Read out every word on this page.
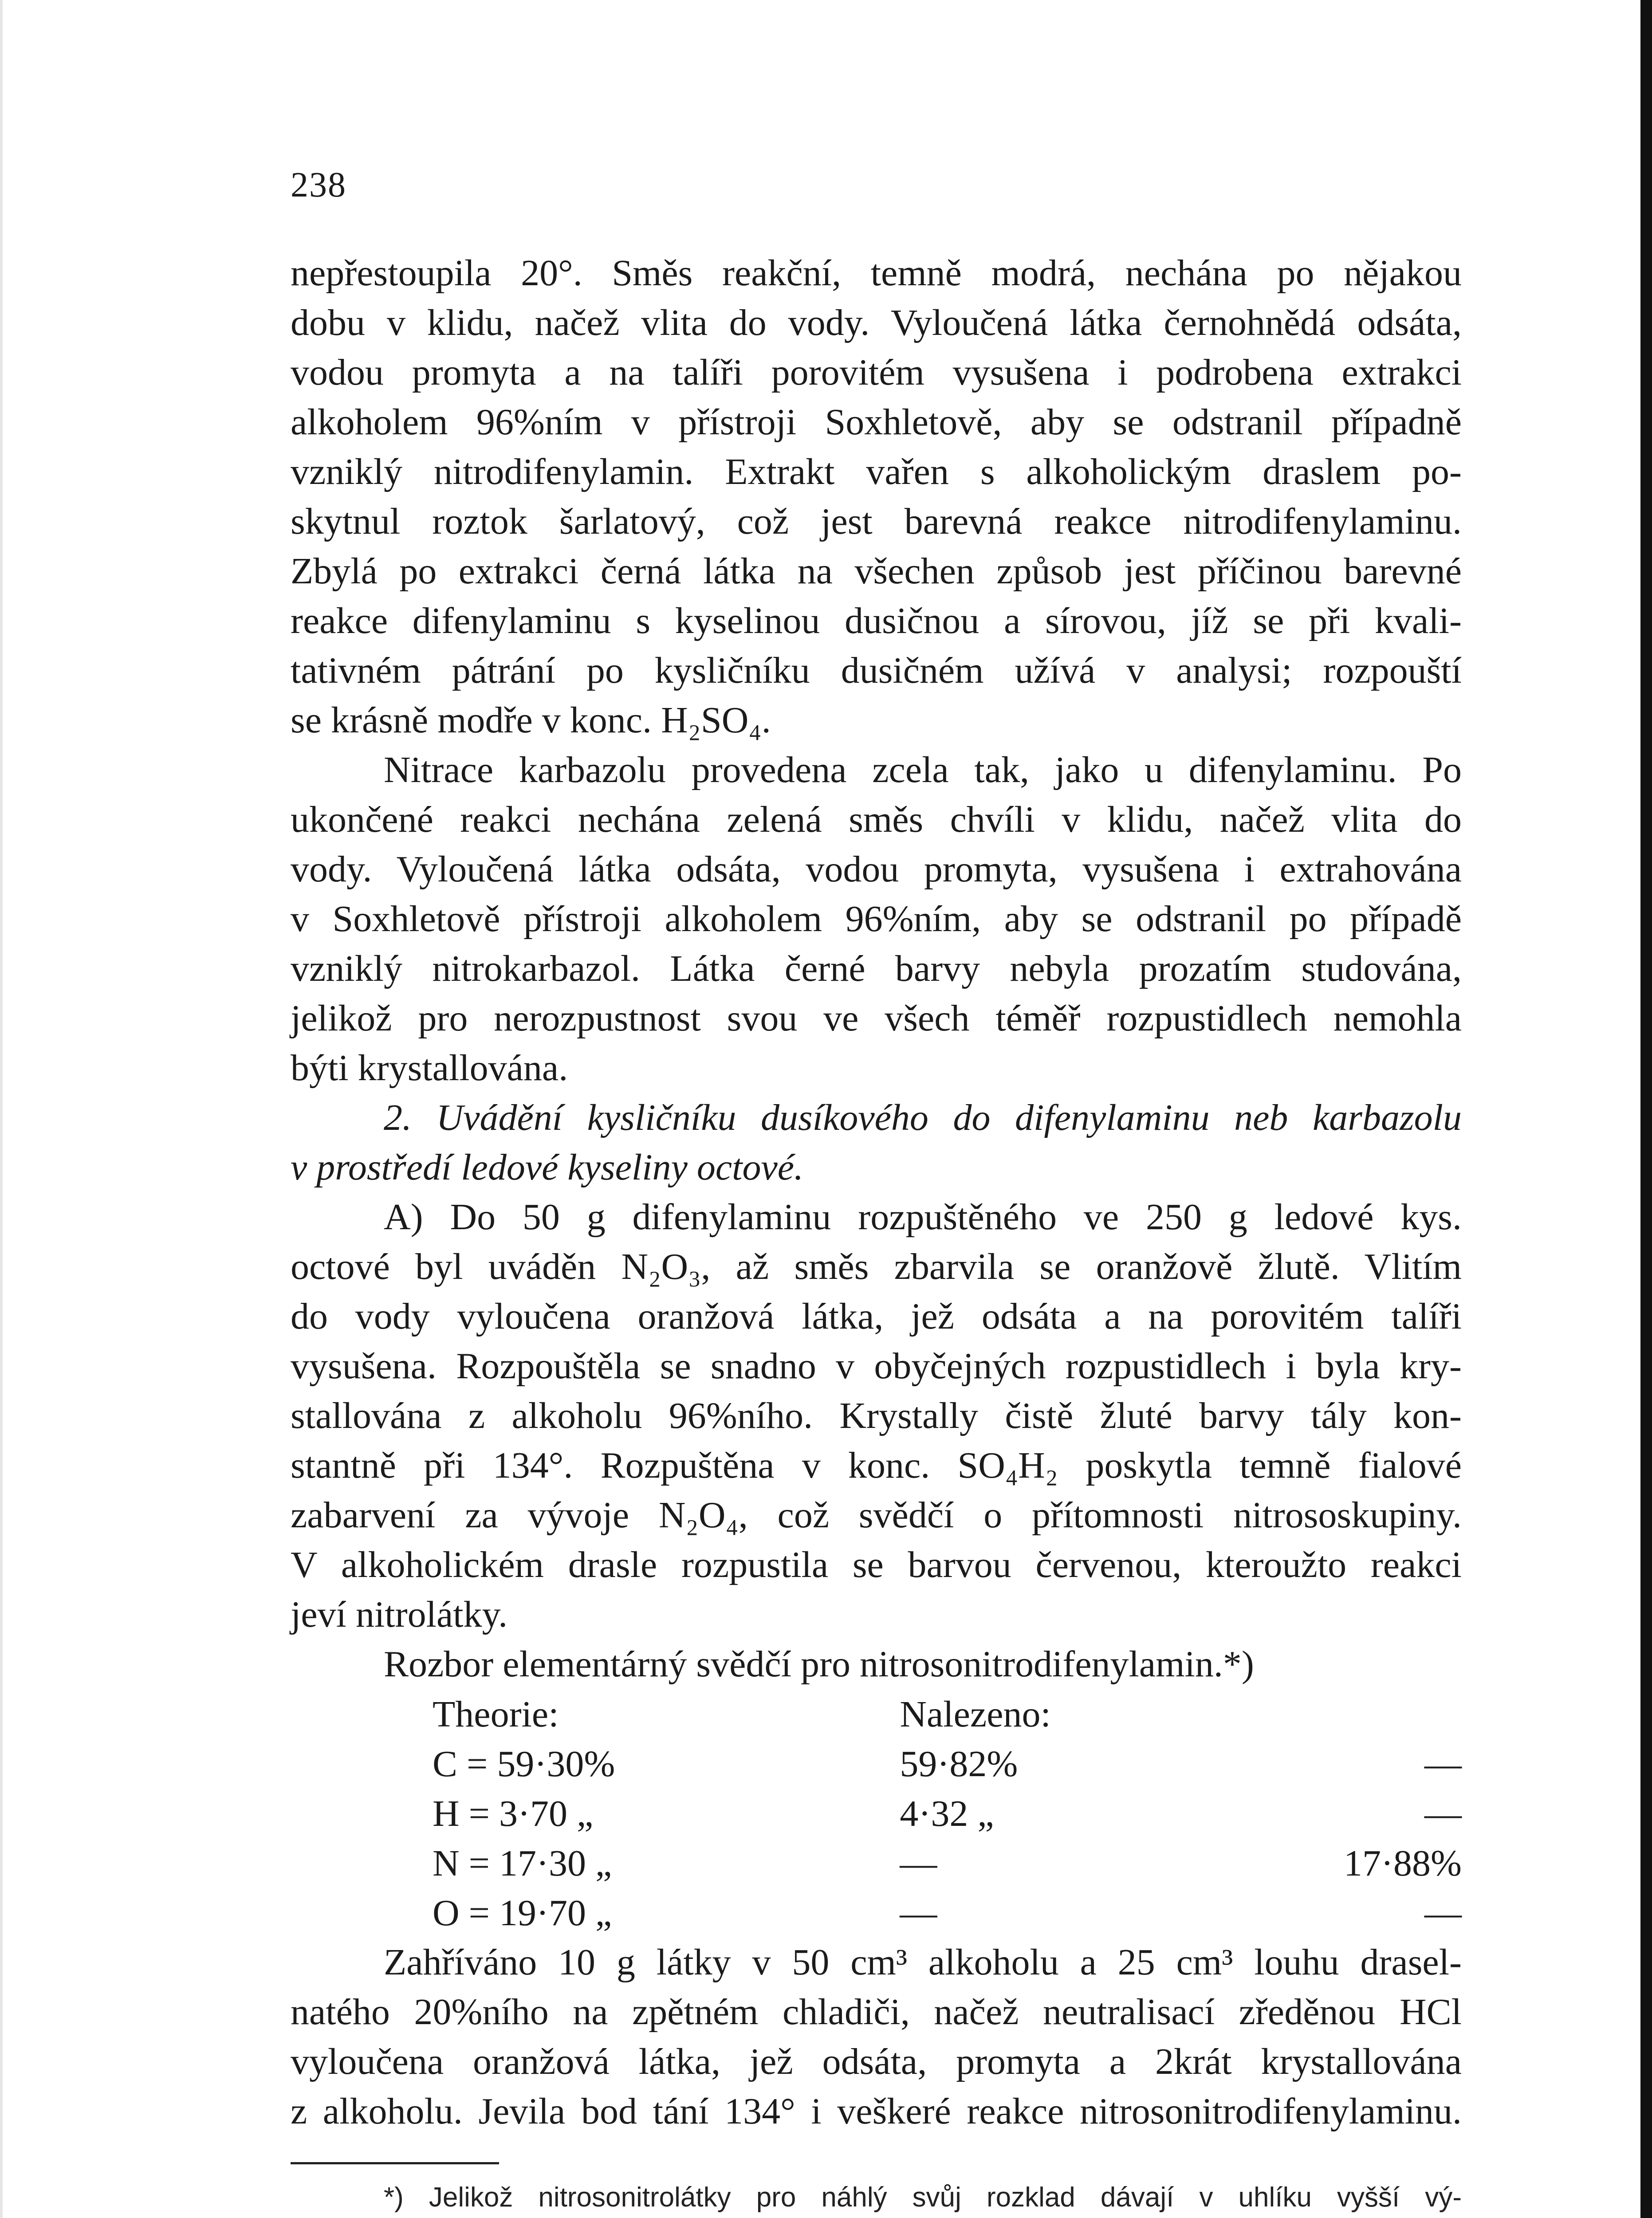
238
nepřestoupila 20°. Směs reakční, temně modrá, nechána po nějakou
dobu v klidu, načež vlita do vody. Vyloučená látka černohnědá odsáta,
vodou promyta a na talíři porovitém vysušena i podrobena extrakci
alkoholem 96%ním v přístroji Soxhletově, aby se odstranil případně
vzniklý nitrodifenylamin. Extrakt vařen s alkoholickým draslem po-
skytnul roztok šarlatový, což jest barevná reakce nitrodifenylaminu.
Zbylá po extrakci černá látka na všechen způsob jest příčinou barevné
reakce difenylaminu s kyselinou dusičnou a sírovou, jíž se při kvali-
tativném pátrání po kysličníku dusičném užívá v analysi; rozpouští
se krásně modře v konc. H₂SO₄.
Nitrace karbazolu provedena zcela tak, jako u difenylaminu. Po
ukončené reakci nechána zelená směs chvíli v klidu, načež vlita do
vody. Vyloučená látka odsáta, vodou promyta, vysušena i extrahována
v Soxhletově přístroji alkoholem 96%ním, aby se odstranil po případě
vzniklý nitrokarbazol. Látka černé barvy nebyla prozatím studována,
jelikož pro nerozpustnost svou ve všech téměř rozpustidlech nemohla
býti krystallována.
2. Uvádění kysličníku dusíkového do difenylaminu neb karbazolu
v prostředí ledové kyseliny octové.
A) Do 50 g difenylaminu rozpuštěného ve 250 g ledové kys.
octové byl uváděn N₂O₃, až směs zbarvila se oranžově žlutě. Vlitím
do vody vyloučena oranžová látka, jež odsáta a na porovitém talíři
vysušena. Rozpouštěla se snadno v obyčejných rozpustidlech i byla kry-
stallována z alkoholu 96%ního. Krystally čistě žluté barvy tály kon-
stantně při 134°. Rozpuštěna v konc. SO₄H₂ poskytla temně fialové
zabarvení za vývoje N₂O₄, což svědčí o přítomnosti nitrososkupiny.
V alkoholickém drasle rozpustila se barvou červenou, kteroužto reakci
jeví nitrolátky.
Rozbor elementárný svědčí pro nitrosonitrodifenylamin.*)
Theorie:	Nalezeno:	
C = 59·30%	59·82%	—
H = 3·70 „	4·32 „	—
N = 17·30 „	—	17·88%
O = 19·70 „	—	—
Zahříváno 10 g látky v 50 cm³ alkoholu a 25 cm³ louhu drasel-
natého 20%ního na zpětném chladiči, načež neutralisací zředěnou HCl
vyloučena oranžová látka, jež odsáta, promyta a 2krát krystallována
z alkoholu. Jevila bod tání 134° i veškeré reakce nitrosonitrodifenylaminu.
*) Jelikož nitrosonitrolátky pro náhlý svůj rozklad dávají v uhlíku vyšší vý-
